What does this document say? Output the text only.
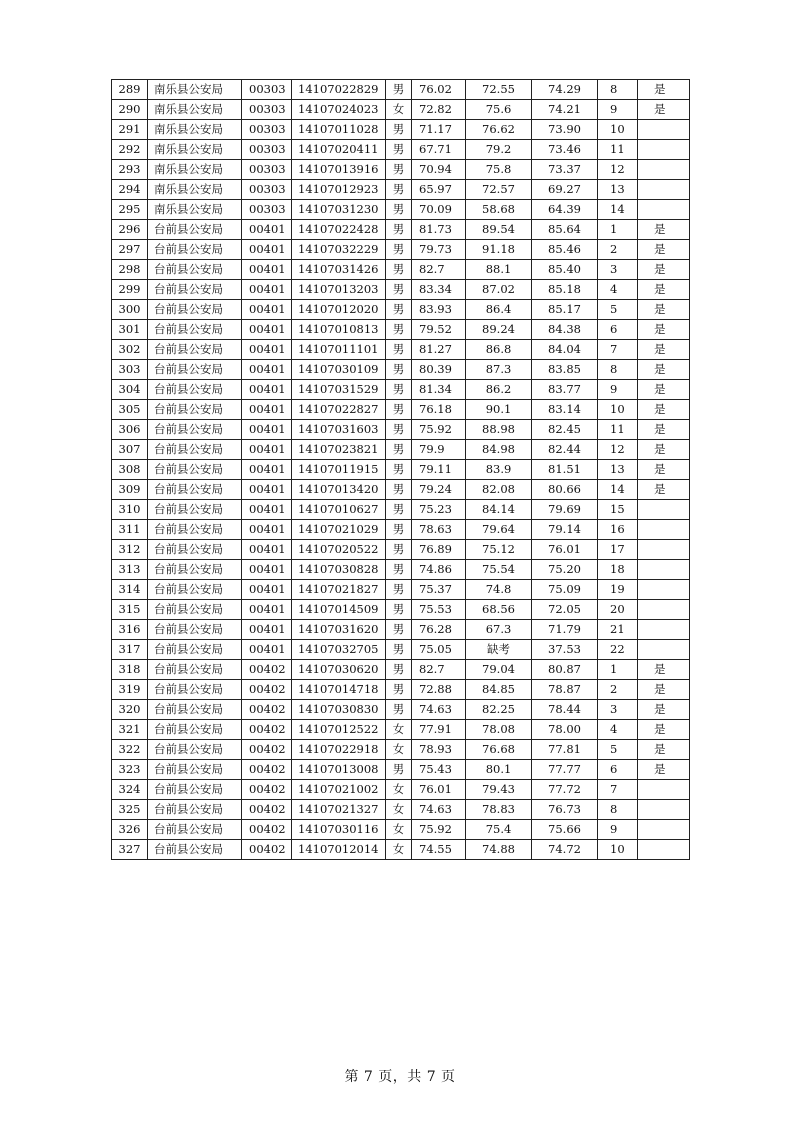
289	南乐县公安局	00303	14107022829	男	76.02	72.55	74.29	8	是
290	南乐县公安局	00303	14107024023	女	72.82	75.6	74.21	9	是
291	南乐县公安局	00303	14107011028	男	71.17	76.62	73.90	10	
292	南乐县公安局	00303	14107020411	男	67.71	79.2	73.46	11	
293	南乐县公安局	00303	14107013916	男	70.94	75.8	73.37	12	
294	南乐县公安局	00303	14107012923	男	65.97	72.57	69.27	13	
295	南乐县公安局	00303	14107031230	男	70.09	58.68	64.39	14	
296	台前县公安局	00401	14107022428	男	81.73	89.54	85.64	1	是
297	台前县公安局	00401	14107032229	男	79.73	91.18	85.46	2	是
298	台前县公安局	00401	14107031426	男	82.7	88.1	85.40	3	是
299	台前县公安局	00401	14107013203	男	83.34	87.02	85.18	4	是
300	台前县公安局	00401	14107012020	男	83.93	86.4	85.17	5	是
301	台前县公安局	00401	14107010813	男	79.52	89.24	84.38	6	是
302	台前县公安局	00401	14107011101	男	81.27	86.8	84.04	7	是
303	台前县公安局	00401	14107030109	男	80.39	87.3	83.85	8	是
304	台前县公安局	00401	14107031529	男	81.34	86.2	83.77	9	是
305	台前县公安局	00401	14107022827	男	76.18	90.1	83.14	10	是
306	台前县公安局	00401	14107031603	男	75.92	88.98	82.45	11	是
307	台前县公安局	00401	14107023821	男	79.9	84.98	82.44	12	是
308	台前县公安局	00401	14107011915	男	79.11	83.9	81.51	13	是
309	台前县公安局	00401	14107013420	男	79.24	82.08	80.66	14	是
310	台前县公安局	00401	14107010627	男	75.23	84.14	79.69	15	
311	台前县公安局	00401	14107021029	男	78.63	79.64	79.14	16	
312	台前县公安局	00401	14107020522	男	76.89	75.12	76.01	17	
313	台前县公安局	00401	14107030828	男	74.86	75.54	75.20	18	
314	台前县公安局	00401	14107021827	男	75.37	74.8	75.09	19	
315	台前县公安局	00401	14107014509	男	75.53	68.56	72.05	20	
316	台前县公安局	00401	14107031620	男	76.28	67.3	71.79	21	
317	台前县公安局	00401	14107032705	男	75.05	缺考	37.53	22	
318	台前县公安局	00402	14107030620	男	82.7	79.04	80.87	1	是
319	台前县公安局	00402	14107014718	男	72.88	84.85	78.87	2	是
320	台前县公安局	00402	14107030830	男	74.63	82.25	78.44	3	是
321	台前县公安局	00402	14107012522	女	77.91	78.08	78.00	4	是
322	台前县公安局	00402	14107022918	女	78.93	76.68	77.81	5	是
323	台前县公安局	00402	14107013008	男	75.43	80.1	77.77	6	是
324	台前县公安局	00402	14107021002	女	76.01	79.43	77.72	7	
325	台前县公安局	00402	14107021327	女	74.63	78.83	76.73	8	
326	台前县公安局	00402	14107030116	女	75.92	75.4	75.66	9	
327	台前县公安局	00402	14107012014	女	74.55	74.88	74.72	10	
第 7 页，共 7 页
